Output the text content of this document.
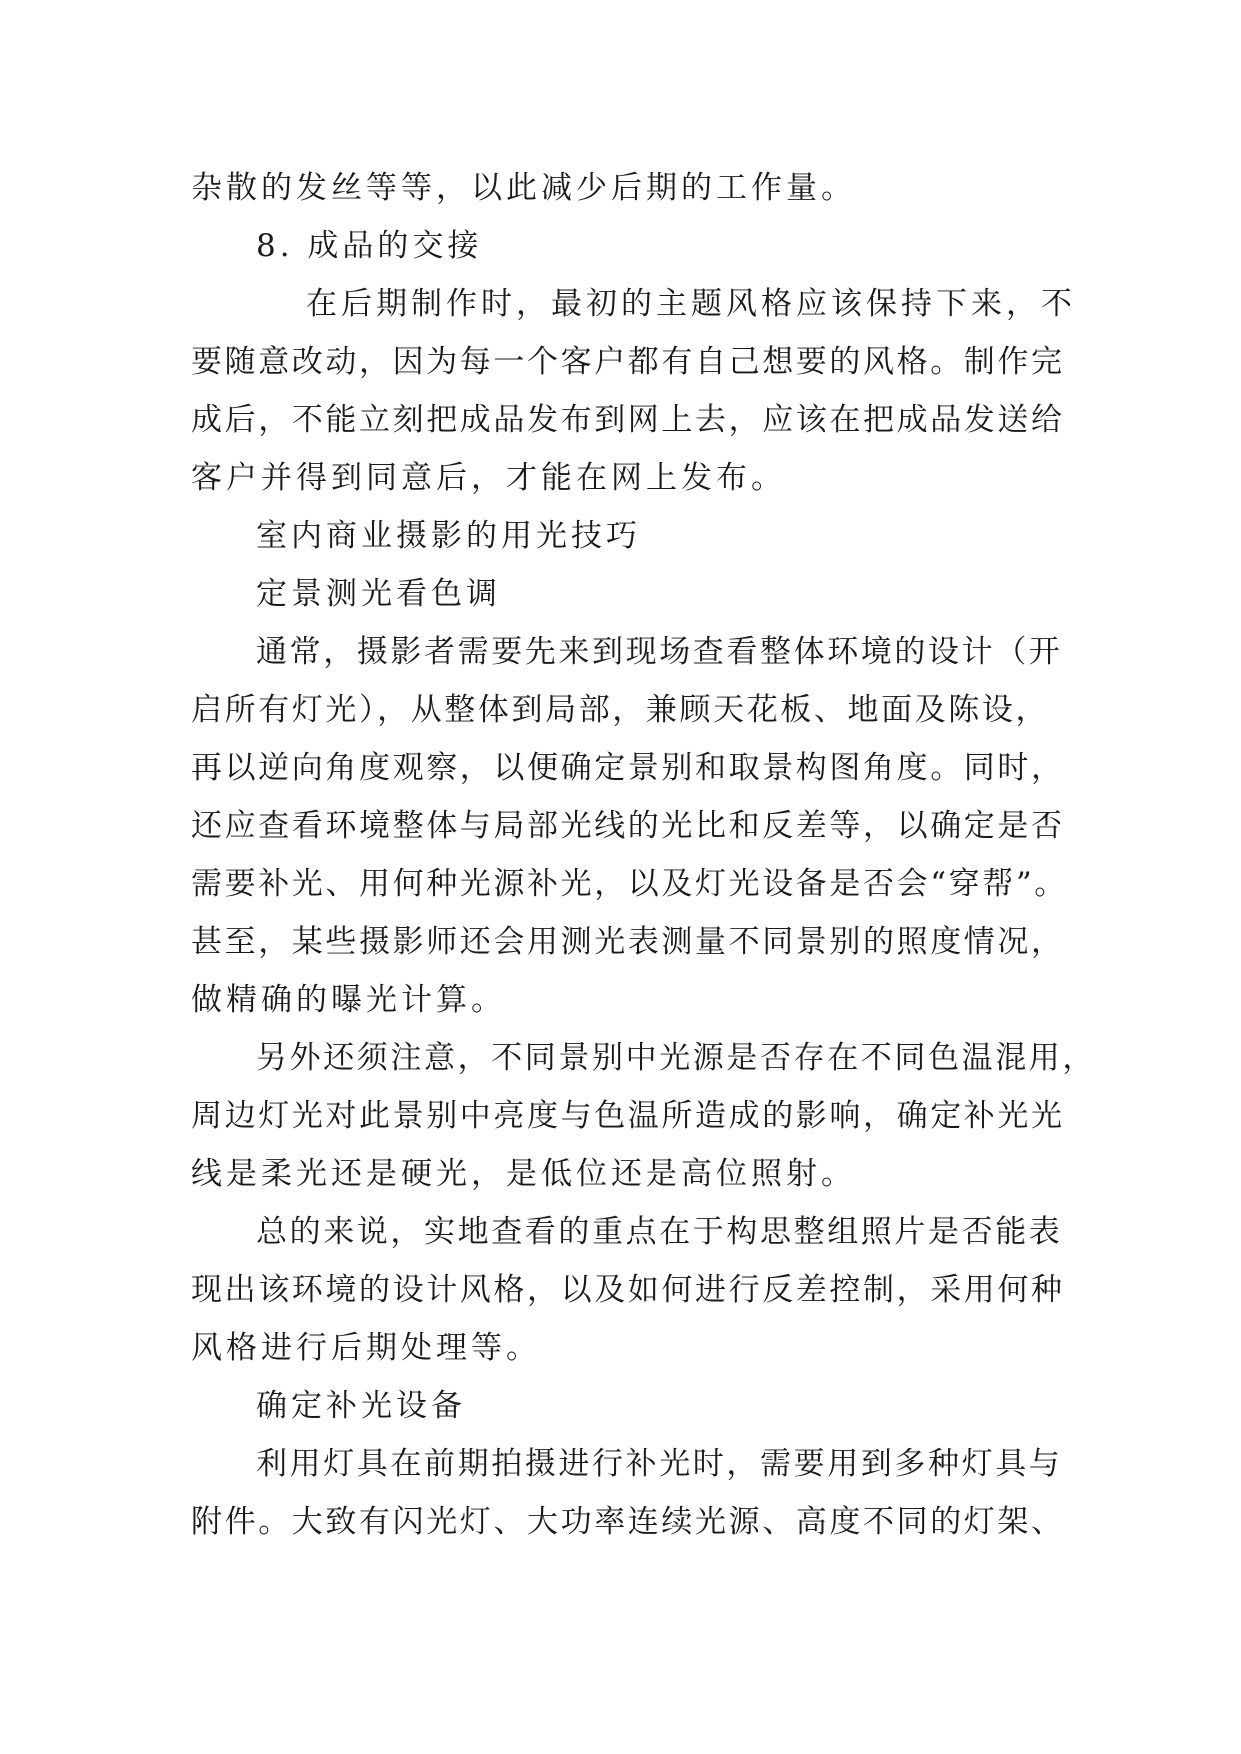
杂散的发丝等等，以此减少后期的工作量。
8. 成品的交接
在后期制作时，最初的主题风格应该保持下来，不
要随意改动，因为每一个客户都有自己想要的风格。制作完
成后，不能立刻把成品发布到网上去，应该在把成品发送给
客户并得到同意后，才能在网上发布。
室内商业摄影的用光技巧
定景测光看色调
通常，摄影者需要先来到现场查看整体环境的设计（开
启所有灯光），从整体到局部，兼顾天花板、地面及陈设，
再以逆向角度观察，以便确定景别和取景构图角度。同时，
还应查看环境整体与局部光线的光比和反差等，以确定是否
需要补光、用何种光源补光，以及灯光设备是否会“穿帮”。
甚至，某些摄影师还会用测光表测量不同景别的照度情况，
做精确的曝光计算。
另外还须注意，不同景别中光源是否存在不同色温混用，
周边灯光对此景别中亮度与色温所造成的影响，确定补光光
线是柔光还是硬光，是低位还是高位照射。
总的来说，实地查看的重点在于构思整组照片是否能表
现出该环境的设计风格，以及如何进行反差控制，采用何种
风格进行后期处理等。
确定补光设备
利用灯具在前期拍摄进行补光时，需要用到多种灯具与
附件。大致有闪光灯、大功率连续光源、高度不同的灯架、
